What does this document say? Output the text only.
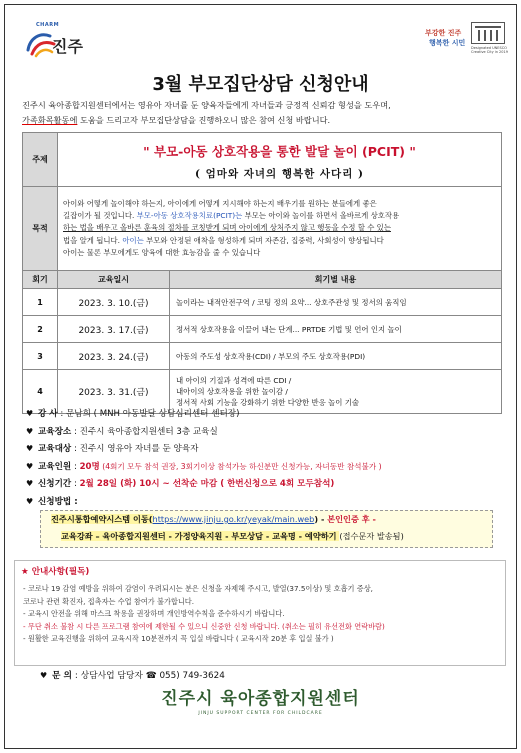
CHARM
진주
부강한 진주
행복한 시민
Designated UNESCO Creative City in 2019
3월 부모집단상담 신청안내
진주시 육아종합지원센터에서는 영유아 자녀를 둔 양육자들에게 자녀들과 긍정적 신뢰감 형성을 도우며,
가족화목활동에 도움을 드리고자 부모집단상담을 진행하오니 많은 참여 신청 바랍니다.
주제	" 부모-아동 상호작용을 통한 발달 놀이 (PCIT) "
( 엄마와 자녀의 행복한 사다리 )	

목적	아이와 어떻게 놀이해야 하는지, 아이에게 어떻게 지시해야 하는지 배우기를 원하는 분들에게 좋은
길잡이가 될 것입니다. 부모-아동 상호작용치료(PCIT)는 부모는 아이와 놀이를 하면서 올바르게 상호작용
하는 법을 배우고 올바른 훈육의 절차를 코칭받게 되며 아이에게 상처주지 않고 행동을 수정 할 수 있는
법을 알게 됩니다. 아이는 부모와 안정된 애착을 형성하게 되며 자존감, 집중력, 사회성이 향상됩니다
아이는 물론 부모에게도 양육에 대한 효능감을 줄 수 있습니다	

회기	교육일시	회기별 내용
1	2023. 3. 10.(금)	놀이라는 내적안전구역 / 코팅 정의 요약... 상호주관성 및 정서의 움직임
2	2023. 3. 17.(금)	정서적 상호작용을 이끌어 내는 단계... PRTDE 기법 및 언어 인지 놀이
3	2023. 3. 24.(금)	아동의 주도성 상호작용(CDI) / 부모의 주도 상호작용(PDI)
4	2023. 3. 31.(금)	내 아이의 기질과 성격에 따른 CDI /
내아이의 상호작용을 위한 놀이감 /
정서적 사회 기능을 강화하기 위한 다양한 반응 놀이 기술
♥ 강 사 : 문남희 ( MNH 아동발달 상담심리센터 센터장)
♥ 교육장소 : 진주시 육아종합지원센터 3층 교육실
♥ 교육대상 : 진주시 영유아 자녀를 둔 양육자
♥ 교육인원 : 20명 (4회기 모두 참석 권장, 3회기이상 참석가능 하신분만 신청가능, 자녀동반 참석불가 )
♥ 신청기간 : 2월 28일 (화) 10시 ~ 선착순 마감 ( 한번신청으로 4회 모두참석)
♥ 신청방법 :
진주시통합예약시스템 이동(https://www.jinju.go.kr/yeyak/main.web) - 본인인증 후 -
교육강좌 – 육아종합지원센터 - 가정양육지원 - 부모상담 - 교육명 - 예약하기 (접수문자 발송됨)
★ 안내사항(필독)
- 코로나 19 감염 예방을 위하여 감염이 우려되시는 분은 신청을 자제해 주시고, 발열(37.5이상) 및 호흡기 증상,
코로나 관련 확진자, 접촉자는 수업 참여가 불가합니다.
- 교육시 안전을 위해 마스크 착용을 권장하며 개인방역수칙을 준수하시기 바랍니다.
- 무단 취소 불참 시 다른 프로그램 참여에 제한될 수 있으니 신중한 신청 바랍니다. (취소는 필히 유선전화 연락바람)
- 원활한 교육진행을 위하여 교육시작 10분전까지 꼭 입실 바랍니다 ( 교육시작 20분 후 입실 불가 )
♥ 문 의 : 상담사업 담당자 ☎ 055) 749-3624
진주시 육아종합지원센터
JINJU SUPPORT CENTER FOR CHILDCARE
